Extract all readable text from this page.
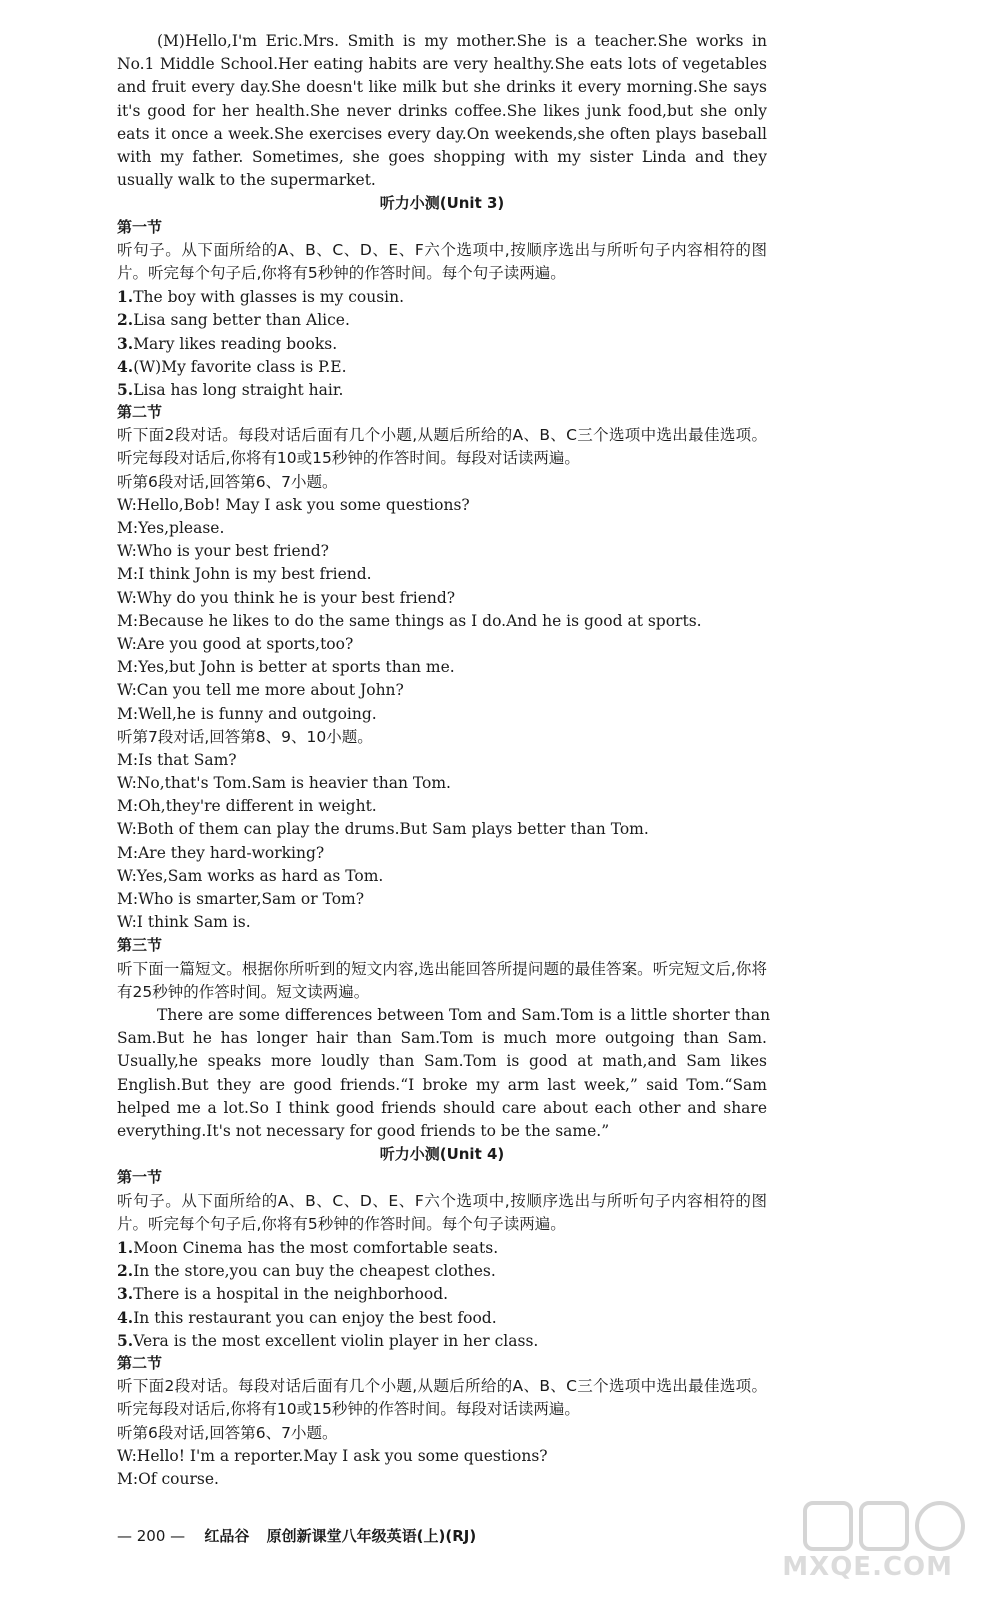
(M)Hello,I'm Eric.Mrs. Smith is my mother.She is a teacher.She works in
No.1 Middle School.Her eating habits are very healthy.She eats lots of vegetables
and fruit every day.She doesn't like milk but she drinks it every morning.She says
it's good for her health.She never drinks coffee.She likes junk food,but she only
eats it once a week.She exercises every day.On weekends,she often plays baseball
with my father. Sometimes, she goes shopping with my sister Linda and they
usually walk to the supermarket.
听力小测(Unit 3)
第一节
听句子。从下面所给的A、B、C、D、E、F六个选项中,按顺序选出与所听句子内容相符的图片。听完每个句子后,你将有5秒钟的作答时间。每个句子读两遍。
1.The boy with glasses is my cousin.
2.Lisa sang better than Alice.
3.Mary likes reading books.
4.(W)My favorite class is P.E.
5.Lisa has long straight hair.
第二节
听下面2段对话。每段对话后面有几个小题,从题后所给的A、B、C三个选项中选出最佳选项。听完每段对话后,你将有10或15秒钟的作答时间。每段对话读两遍。
听第6段对话,回答第6、7小题。
W:Hello,Bob! May I ask you some questions?
M:Yes,please.
W:Who is your best friend?
M:I think John is my best friend.
W:Why do you think he is your best friend?
M:Because he likes to do the same things as I do.And he is good at sports.
W:Are you good at sports,too?
M:Yes,but John is better at sports than me.
W:Can you tell me more about John?
M:Well,he is funny and outgoing.
听第7段对话,回答第8、9、10小题。
M:Is that Sam?
W:No,that's Tom.Sam is heavier than Tom.
M:Oh,they're different in weight.
W:Both of them can play the drums.But Sam plays better than Tom.
M:Are they hard-working?
W:Yes,Sam works as hard as Tom.
M:Who is smarter,Sam or Tom?
W:I think Sam is.
第三节
听下面一篇短文。根据你所听到的短文内容,选出能回答所提问题的最佳答案。听完短文后,你将有25秒钟的作答时间。短文读两遍。
There are some differences between Tom and Sam.Tom is a little shorter than
Sam.But he has longer hair than Sam.Tom is much more outgoing than Sam.
Usually,he speaks more loudly than Sam.Tom is good at math,and Sam likes
English.But they are good friends.“I broke my arm last week,” said Tom.“Sam
helped me a lot.So I think good friends should care about each other and share
everything.It's not necessary for good friends to be the same.”
听力小测(Unit 4)
第一节
听句子。从下面所给的A、B、C、D、E、F六个选项中,按顺序选出与所听句子内容相符的图片。听完每个句子后,你将有5秒钟的作答时间。每个句子读两遍。
1.Moon Cinema has the most comfortable seats.
2.In the store,you can buy the cheapest clothes.
3.There is a hospital in the neighborhood.
4.In this restaurant you can enjoy the best food.
5.Vera is the most excellent violin player in her class.
第二节
听下面2段对话。每段对话后面有几个小题,从题后所给的A、B、C三个选项中选出最佳选项。听完每段对话后,你将有10或15秒钟的作答时间。每段对话读两遍。
听第6段对话,回答第6、7小题。
W:Hello! I'm a reporter.May I ask you some questions?
M:Of course.
— 200 — 红品谷 原创新课堂八年级英语(上)(RJ)
MXQE.COM
